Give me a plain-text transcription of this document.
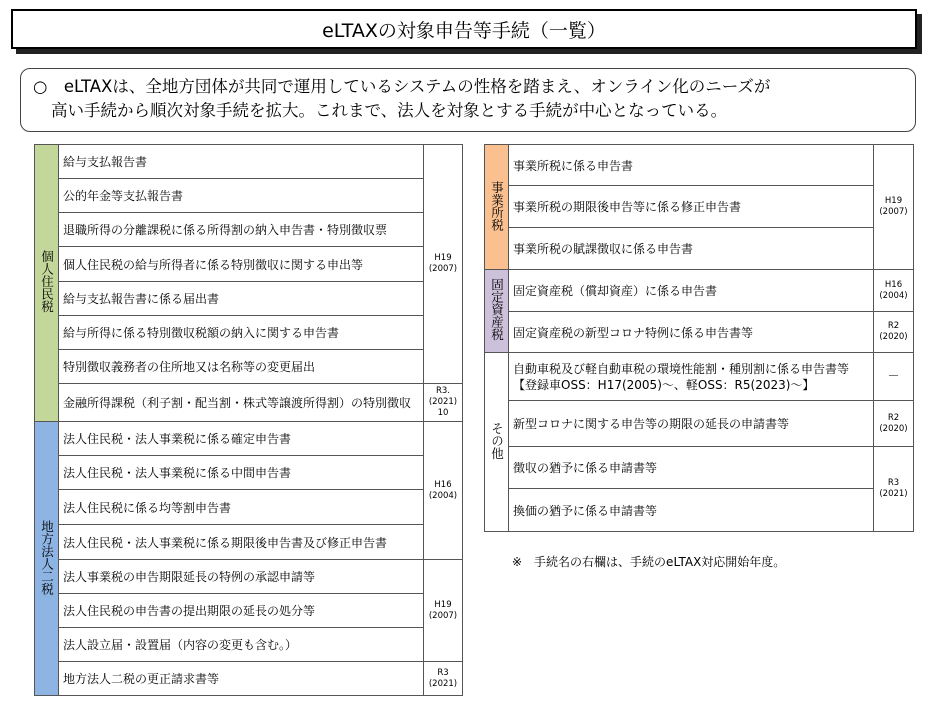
eLTAXの対象申告等手続（一覧）
○　eLTAXは、全地方団体が共同で運用しているシステムの性格を踏まえ、オンライン化のニーズが
高い手続から順次対象手続を拡大。これまで、法人を対象とする手続が中心となっている。
個人住民税	給与支払報告書	H19
(2007)
	公的年金等支払報告書	
	退職所得の分離課税に係る所得割の納入申告書・特別徴収票	
	個人住民税の給与所得者に係る特別徴収に関する申出等	
	給与支払報告書に係る届出書	
	給与所得に係る特別徴収税額の納入に関する申告書	
	特別徴収義務者の住所地又は名称等の変更届出	
	金融所得課税（利子割・配当割・株式等譲渡所得割）の特別徴収	R3.
(2021)
10
地方法人二税	法人住民税・法人事業税に係る確定申告書	H16
(2004)
	法人住民税・法人事業税に係る中間申告書	
	法人住民税に係る均等割申告書	
	法人住民税・法人事業税に係る期限後申告書及び修正申告書	
	法人事業税の申告期限延長の特例の承認申請等	H19
(2007)
	法人住民税の申告書の提出期限の延長の処分等	
	法人設立届・設置届（内容の変更も含む。）	
	地方法人二税の更正請求書等	R3
(2021)
事業所税	事業所税に係る申告書	H19
(2007)
	事業所税の期限後申告等に係る修正申告書	
	事業所税の賦課徴収に係る申告書	
固定資産税	固定資産税（償却資産）に係る申告書	H16
(2004)
	固定資産税の新型コロナ特例に係る申告書等	R2
(2020)
その他	自動車税及び軽自動車税の環境性能割・種別割に係る申告書等
【登録車OSS：H17(2005)～、軽OSS：R5(2023)～】	－
	新型コロナに関する申告等の期限の延長の申請書等	R2
(2020)
	徴収の猶予に係る申請書等	R3
(2021)
	換価の猶予に係る申請書等	
※　手続名の右欄は、手続のeLTAX対応開始年度。
